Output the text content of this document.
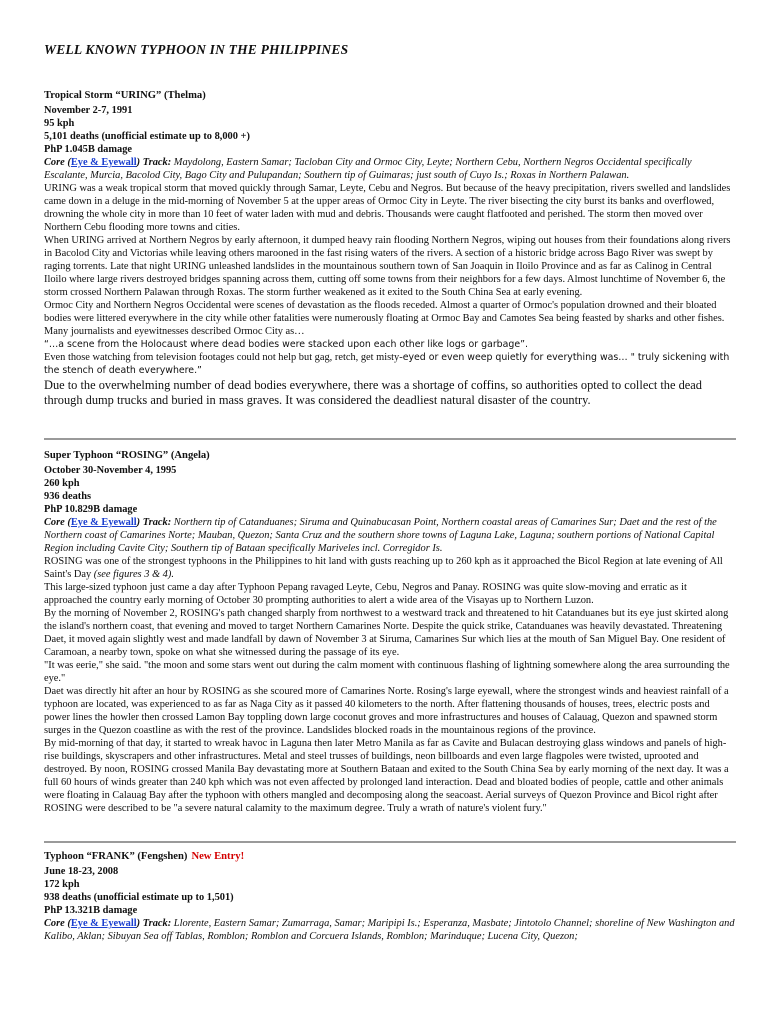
WELL KNOWN TYPHOON IN THE PHILIPPINES
Tropical Storm “URING” (Thelma)

November 2-7, 1991

95 kph

5,101 deaths (unofficial estimate up to 8,000 +)

PhP 1.045B damage

Core (Eye & Eyewall) Track: Maydolong, Eastern Samar; Tacloban City and Ormoc City, Leyte; Northern Cebu, Northern Negros Occidental specifically Escalante, Murcia, Bacolod City, Bago City and Pulupandan; Southern tip of Guimaras; just south of Cuyo Is.; Roxas in Northern Palawan.

URING was a weak tropical storm that moved quickly through Samar, Leyte, Cebu and Negros. But because of the heavy precipitation, rivers swelled and landslides came down in a deluge in the mid-morning of November 5 at the upper areas of Ormoc City in Leyte. The river bisecting the city burst its banks and overflowed, drowning the whole city in more than 10 feet of water laden with mud and debris. Thousands were caught flatfooted and perished. The storm then moved over Northern Cebu flooding more towns and cities.

When URING arrived at Northern Negros by early afternoon, it dumped heavy rain flooding Northern Negros, wiping out houses from their foundations along rivers in Bacolod City and Victorias while leaving others marooned in the fast rising waters of the rivers. A section of a historic bridge across Bago River was swept by raging torrents. Late that night URING unleashed landslides in the mountainous southern town of San Joaquin in Iloilo Province and as far as Calinog in Central Iloilo where large rivers destroyed bridges spanning across them, cutting off some towns from their neighbors for a few days. Almost lunchtime of November 6, the storm crossed Northern Palawan through Roxas. The storm further weakened as it exited to the South China Sea at early evening.

Ormoc City and Northern Negros Occidental were scenes of devastation as the floods receded. Almost a quarter of Ormoc's population drowned and their bloated bodies were littered everywhere in the city while other fatalities were numerously floating at Ormoc Bay and Camotes Sea being feasted by sharks and other fishes. Many journalists and eyewitnesses described Ormoc City as…

“…a scene from the Holocaust where dead bodies were stacked upon each other like logs or garbage”.

Even those watching from television footages could not help but gag, retch, get misty-eyed or even weep quietly for everything was… " truly sickening with the stench of death everywhere.”

Due to the overwhelming number of dead bodies everywhere, there was a shortage of coffins, so authorities opted to collect the dead through dump trucks and buried in mass graves. It was considered the deadliest natural disaster of the country.

Super Typhoon “ROSING” (Angela)

October 30-November 4, 1995

260 kph

936 deaths

PhP 10.829B damage

Core (Eye & Eyewall) Track: Northern tip of Catanduanes; Siruma and Quinabucasan Point, Northern coastal areas of Camarines Sur; Daet and the rest of the Northern coast of Camarines Norte; Mauban, Quezon; Santa Cruz and the southern shore towns of Laguna Lake, Laguna; southern portions of National Capital Region including Cavite City; Southern tip of Bataan specifically Mariveles incl. Corregidor Is.

ROSING was one of the strongest typhoons in the Philippines to hit land with gusts reaching up to 260 kph as it approached the Bicol Region at late evening of All Saint's Day (see figures 3 & 4).

This large-sized typhoon just came a day after Typhoon Pepang ravaged Leyte, Cebu, Negros and Panay. ROSING was quite slow-moving and erratic as it approached the country early morning of October 30 prompting authorities to alert a wide area of the Visayas up to Northern Luzon.

By the morning of November 2, ROSING's path changed sharply from northwest to a westward track and threatened to hit Catanduanes but its eye just skirted along the island's northern coast, that evening and moved to target Northern Camarines Norte. Despite the quick strike, Catanduanes was heavily devastated. Threatening Daet, it moved again slightly west and made landfall by dawn of November 3 at Siruma, Camarines Sur which lies at the mouth of San Miguel Bay. One resident of Caramoan, a nearby town, spoke on what she witnessed during the passage of its eye.

"It was eerie," she said. "the moon and some stars went out during the calm moment with continuous flashing of lightning somewhere along the area surrounding the eye."

Daet was directly hit after an hour by ROSING as she scoured more of Camarines Norte. Rosing's large eyewall, where the strongest winds and heaviest rainfall of a typhoon are located, was experienced to as far as Naga City as it passed 40 kilometers to the north. After flattening thousands of houses, trees, electric posts and power lines the howler then crossed Lamon Bay toppling down large coconut groves and more infrastructures and houses of Calauag, Quezon and spawned storm surges in the Quezon coastline as with the rest of the province. Landslides blocked roads in the mountainous regions of the province.

By mid-morning of that day, it started to wreak havoc in Laguna then later Metro Manila as far as Cavite and Bulacan destroying glass windows and panels of high-rise buildings, skyscrapers and other infrastructures. Metal and steel trusses of buildings, neon billboards and even large flagpoles were twisted, uprooted and destroyed. By noon, ROSING crossed Manila Bay devastating more at Southern Bataan and exited to the South China Sea by early morning of the next day. It was a full 60 hours of winds greater than 240 kph which was not even affected by prolonged land interaction. Dead and bloated bodies of people, cattle and other animals were floating in Calauag Bay after the typhoon with others mangled and decomposing along the seacoast. Aerial surveys of Quezon Province and Bicol right after ROSING were described to be "a severe natural calamity to the maximum degree. Truly a wrath of nature's violent fury."

Typhoon “FRANK” (Fengshen) New Entry!

June 18-23, 2008

172 kph

938 deaths (unofficial estimate up to 1,501)

PhP 13.321B damage

Core (Eye & Eyewall) Track: Llorente, Eastern Samar; Zumarraga, Samar; Maripipi Is.; Esperanza, Masbate; Jintotolo Channel; shoreline of New Washington and Kalibo, Aklan; Sibuyan Sea off Tablas, Romblon; Romblon and Corcuera Islands, Romblon; Marinduque; Lucena City, Quezon;
